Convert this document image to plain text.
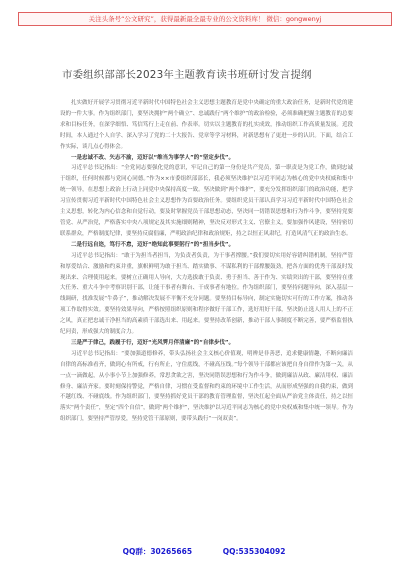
关注头条号“公文研究”，获得最新最全最专业的公文资料库！ 微信：gongwenyj
市委组织部部长2023年主题教育读书班研讨发言提纲

扎实做好开展学习贯彻习近平新时代中国特色社会主义思想主题教育是党中央确定的重大政治任务，是新时代党的建设的一件大事。作为组织部门，要坚决拥护“两个确立”、忠诚践行“两个维护”的政治检验，必须准确把握主题教育的总要求和目标任务，在深学细悟、笃信笃行上走在前、作表率。切实以主题教育的扎实成效，推动组织工作高质量发展。近段时间，本人通过个人自学、深入学习了党的二十大报告、党章等学习材料，对新思想有了更进一步的认识。下面，结合工作实际，谈几点心得体会。

一是忠诚不改、矢志不渝，迈好以“维当为事学人”的“坚定步伐”。

习近平总书记指出：“全党同志要强化党的意识，牢记自己的第一身份是共产党员，第一职责是为党工作，做到忠诚于组织，任何时候都与党同心同德。”作为××市委组织部部长，我必须坚决维护以习近平同志为核心的党中央权威和集中统一领导，在思想上政治上行动上同党中央保持高度一致。坚决做到“两个维护”，要充分发挥组织部门的政治功能，把学习宣传贯彻习近平新时代中国特色社会主义思想作为首要政治任务。要组织党员干部认真学习习近平新时代中国特色社会主义思想，转化为内心信念和自觉行动，要及时掌握党员干部思想动态，坚决同一切错误思想和行为作斗争，要坚持党要管党、从严治党，严格落实中央八项规定及其实施细则精神，坚决反对形式主义、官僚主义，要加强作风建设，坚持密切联系群众，严格制度纪律，要坚持反腐倡廉，严明政治纪律和政治规矩，持之以恒正风肃纪，打造风清气正的政治生态。

二是行远自迩，笃行不怠，迈好“绝知此事要躬行”的“担当步伐”。

习近平总书记指出：“敢于为担当者担当，为负责者负责，为干事者撑腰。”我们要切实用好容错纠错机制，坚持严管和厚爱结合、激励和约束并重，旗帜鲜明为敢于担当、踏实做事、不谋私利的干部撑腰鼓劲，把各方面的优秀干部及时发现出来、合理使用起来。要树立正确用人导向，大力选拔敢于负责、勇于担当、善于作为、实绩突出的干部，要坚持在重大任务、重大斗争中考察识别干部，让能干事者有舞台、干成事者有地位。作为组织部门，要坚持问题导向，深入基层一线调研，找准发展“牛鼻子”，推动解决发展不平衡不充分问题。要坚持目标导向，制定实施切实可行的工作方案，推动各项工作取得实效。要坚持效果导向，严格按照组织原则和程序做好干部工作，选好用好干部，坚决防止选人用人上的不正之风，真正把忠诚干净担当的高素质干部选出来、用起来。要坚持改革创新，推动干部人事制度不断完善，要严格监督执纪问责，形成强大的制度合力。

三是严于律己，践履于行，迈好“光风霁月伴清廉”的“自律步伐”。

习近平总书记指出：“要加强道德修养，带头弘扬社会主义核心价值观，明辨是非善恶，追求健康情趣，不断向廉洁自律的高标准看齐，做到心有所戒，行有所止，守住底线，不碰高压线。”每个领导干部都应该把自身自律作为第一关，从一点一滴做起，从小事小节上加强修养，常思贪欲之害，坚决同错误思想和行为作斗争，做到廉洁从政、廉洁用权、廉洁修身、廉洁齐家。要时刻保持警觉，严格自律，习惯在受监督和约束的环境中工作生活，从而形成坚强的自我约束，做到不越红线、不碰底线。作为组织部门，要坚持抓好党员干部的教育管理监督，坚决扛起全面从严治党主体责任，持之以恒落实“两个责任”，坚定“四个自信”，做到“两个维护”，坚决维护以习近平同志为核心的党中央权威和集中统一领导。作为组织部门，要坚持严管厚爱，坚持党管干部原则，要带头践行“一岗双责”。

QQ群：30265665	QQ:535304092
